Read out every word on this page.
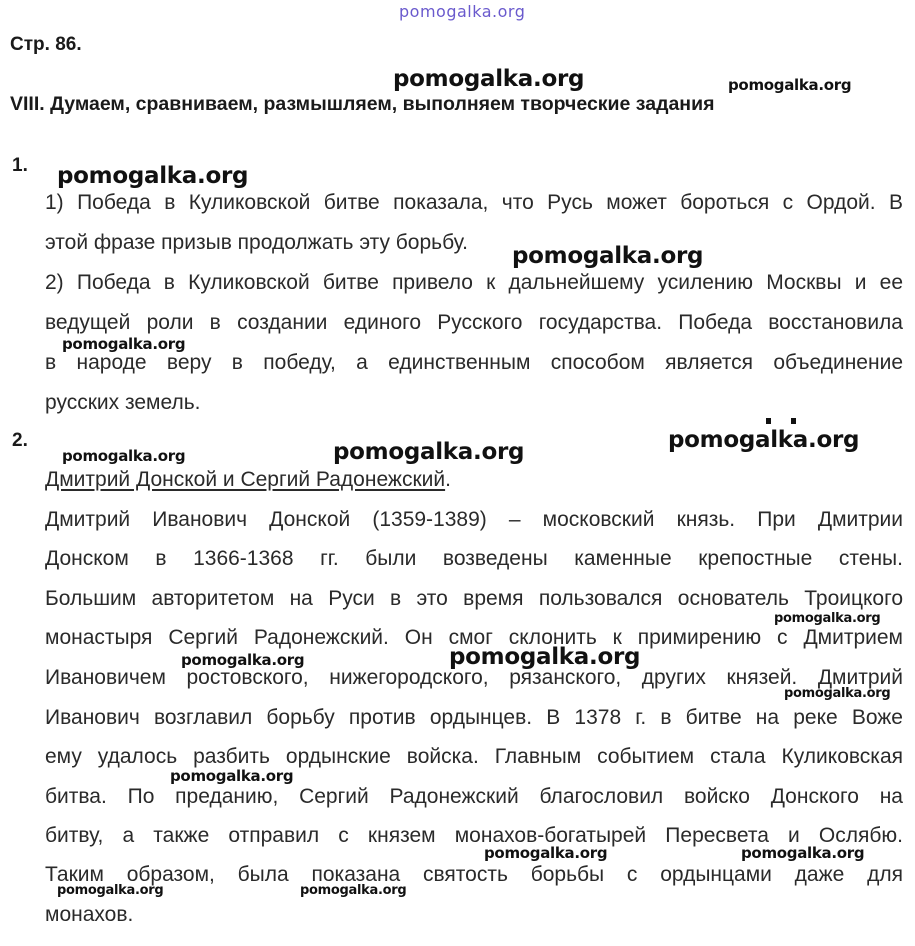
pomogalka.org
Стр. 86.
VIII. Думаем, сравниваем, размышляем, выполняем творческие задания
1.
1) Победа в Куликовской битве показала, что Русь может бороться с Ордой. В
этой фразе призыв продолжать эту борьбу.
2) Победа в Куликовской битве привело к дальнейшему усилению Москвы и ее
ведущей роли в создании единого Русского государства. Победа восстановила
в народе веру в победу, а единственным способом является объединение
русских земель.
2.
Дмитрий Донской и Сергий Радонежский.
Дмитрий Иванович Донской (1359-1389) – московский князь. При Дмитрии
Донском в 1366-1368 гг. были возведены каменные крепостные стены.
Большим авторитетом на Руси в это время пользовался основатель Троицкого
монастыря Сергий Радонежский. Он смог склонить к примирению с Дмитрием
Ивановичем ростовского, нижегородского, рязанского, других князей. Дмитрий
Иванович возглавил борьбу против ордынцев. В 1378 г. в битве на реке Воже
ему удалось разбить ордынские войска. Главным событием стала Куликовская
битва. По преданию, Сергий Радонежский благословил войско Донского на
битву, а также отправил с князем монахов-богатырей Пересвета и Ослябю.
Таким образом, была показана святость борьбы с ордынцами даже для
монахов.
pomogalka.org	pomogalka.org
pomogalka.org
pomogalka.org
pomogalka.org
pomogalka.org	pomogalka.org	pomogalka.org
pomogalka.org
pomogalka.org	pomogalka.org
pomogalka.org
pomogalka.org
pomogalka.org	pomogalka.org
pomogalka.org	pomogalka.org
